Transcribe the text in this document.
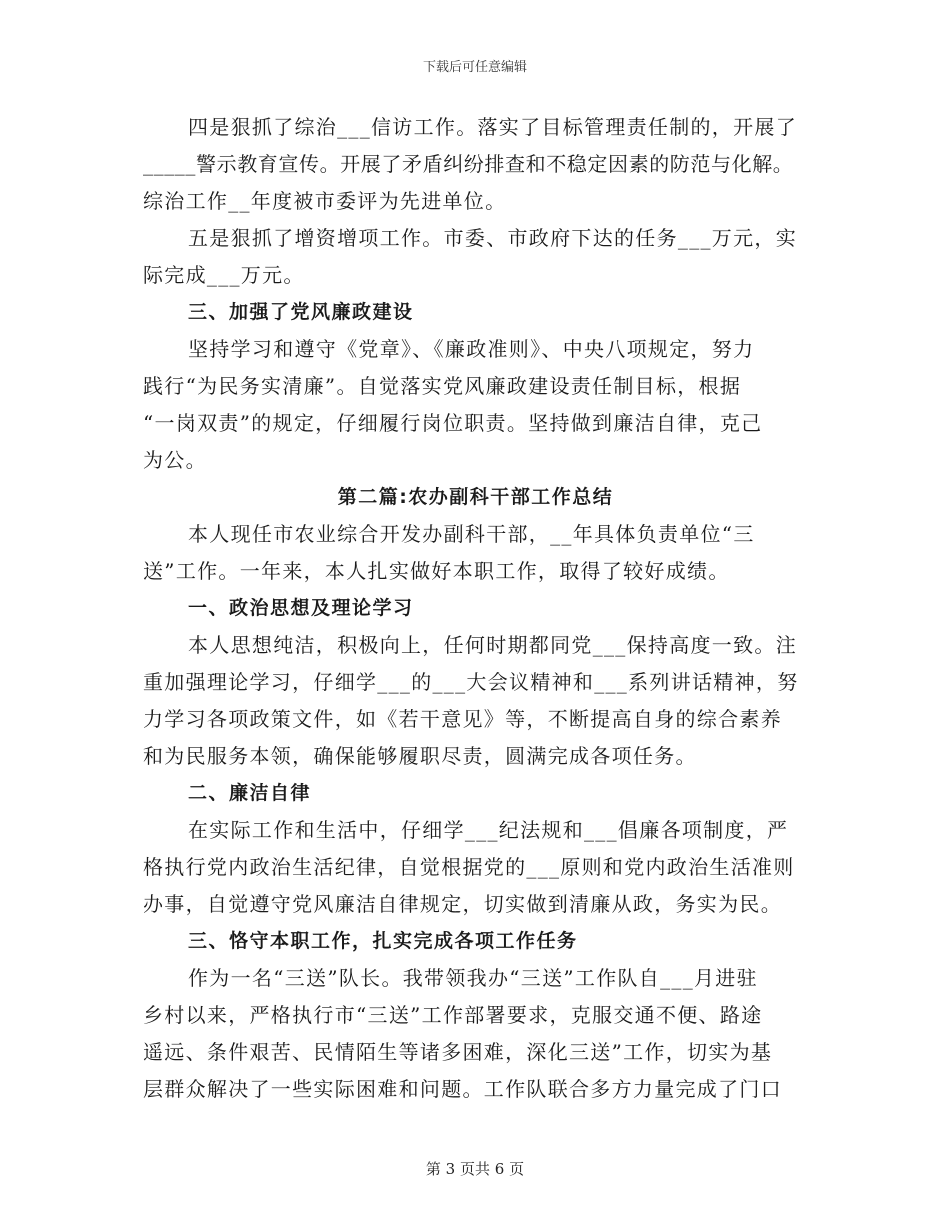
下载后可任意编辑
四是狠抓了综治___信访工作。落实了目标管理责任制的，开展了
_____警示教育宣传。开展了矛盾纠纷排查和不稳定因素的防范与化解。
综治工作__年度被市委评为先进单位。
五是狠抓了增资增项工作。市委、市政府下达的任务___万元，实
际完成___万元。
三、加强了党风廉政建设
坚持学习和遵守《党章》、《廉政准则》、中央八项规定，努力
践行“为民务实清廉”。自觉落实党风廉政建设责任制目标，根据
“一岗双责”的规定，仔细履行岗位职责。坚持做到廉洁自律，克己
为公。
第二篇:农办副科干部工作总结
本人现任市农业综合开发办副科干部，__年具体负责单位“三
送”工作。一年来，本人扎实做好本职工作，取得了较好成绩。
一、政治思想及理论学习
本人思想纯洁，积极向上，任何时期都同党___保持高度一致。注
重加强理论学习，仔细学___的___大会议精神和___系列讲话精神，努
力学习各项政策文件，如《若干意见》等，不断提高自身的综合素养
和为民服务本领，确保能够履职尽责，圆满完成各项任务。
二、廉洁自律
在实际工作和生活中，仔细学___纪法规和___倡廉各项制度，严
格执行党内政治生活纪律，自觉根据党的___原则和党内政治生活准则
办事，自觉遵守党风廉洁自律规定，切实做到清廉从政，务实为民。
三、恪守本职工作，扎实完成各项工作任务
作为一名“三送”队长。我带领我办“三送”工作队自___月进驻
乡村以来，严格执行市“三送”工作部署要求，克服交通不便、路途
遥远、条件艰苦、民情陌生等诸多困难，深化三送”工作，切实为基
层群众解决了一些实际困难和问题。工作队联合多方力量完成了门口
第 3 页共 6 页
